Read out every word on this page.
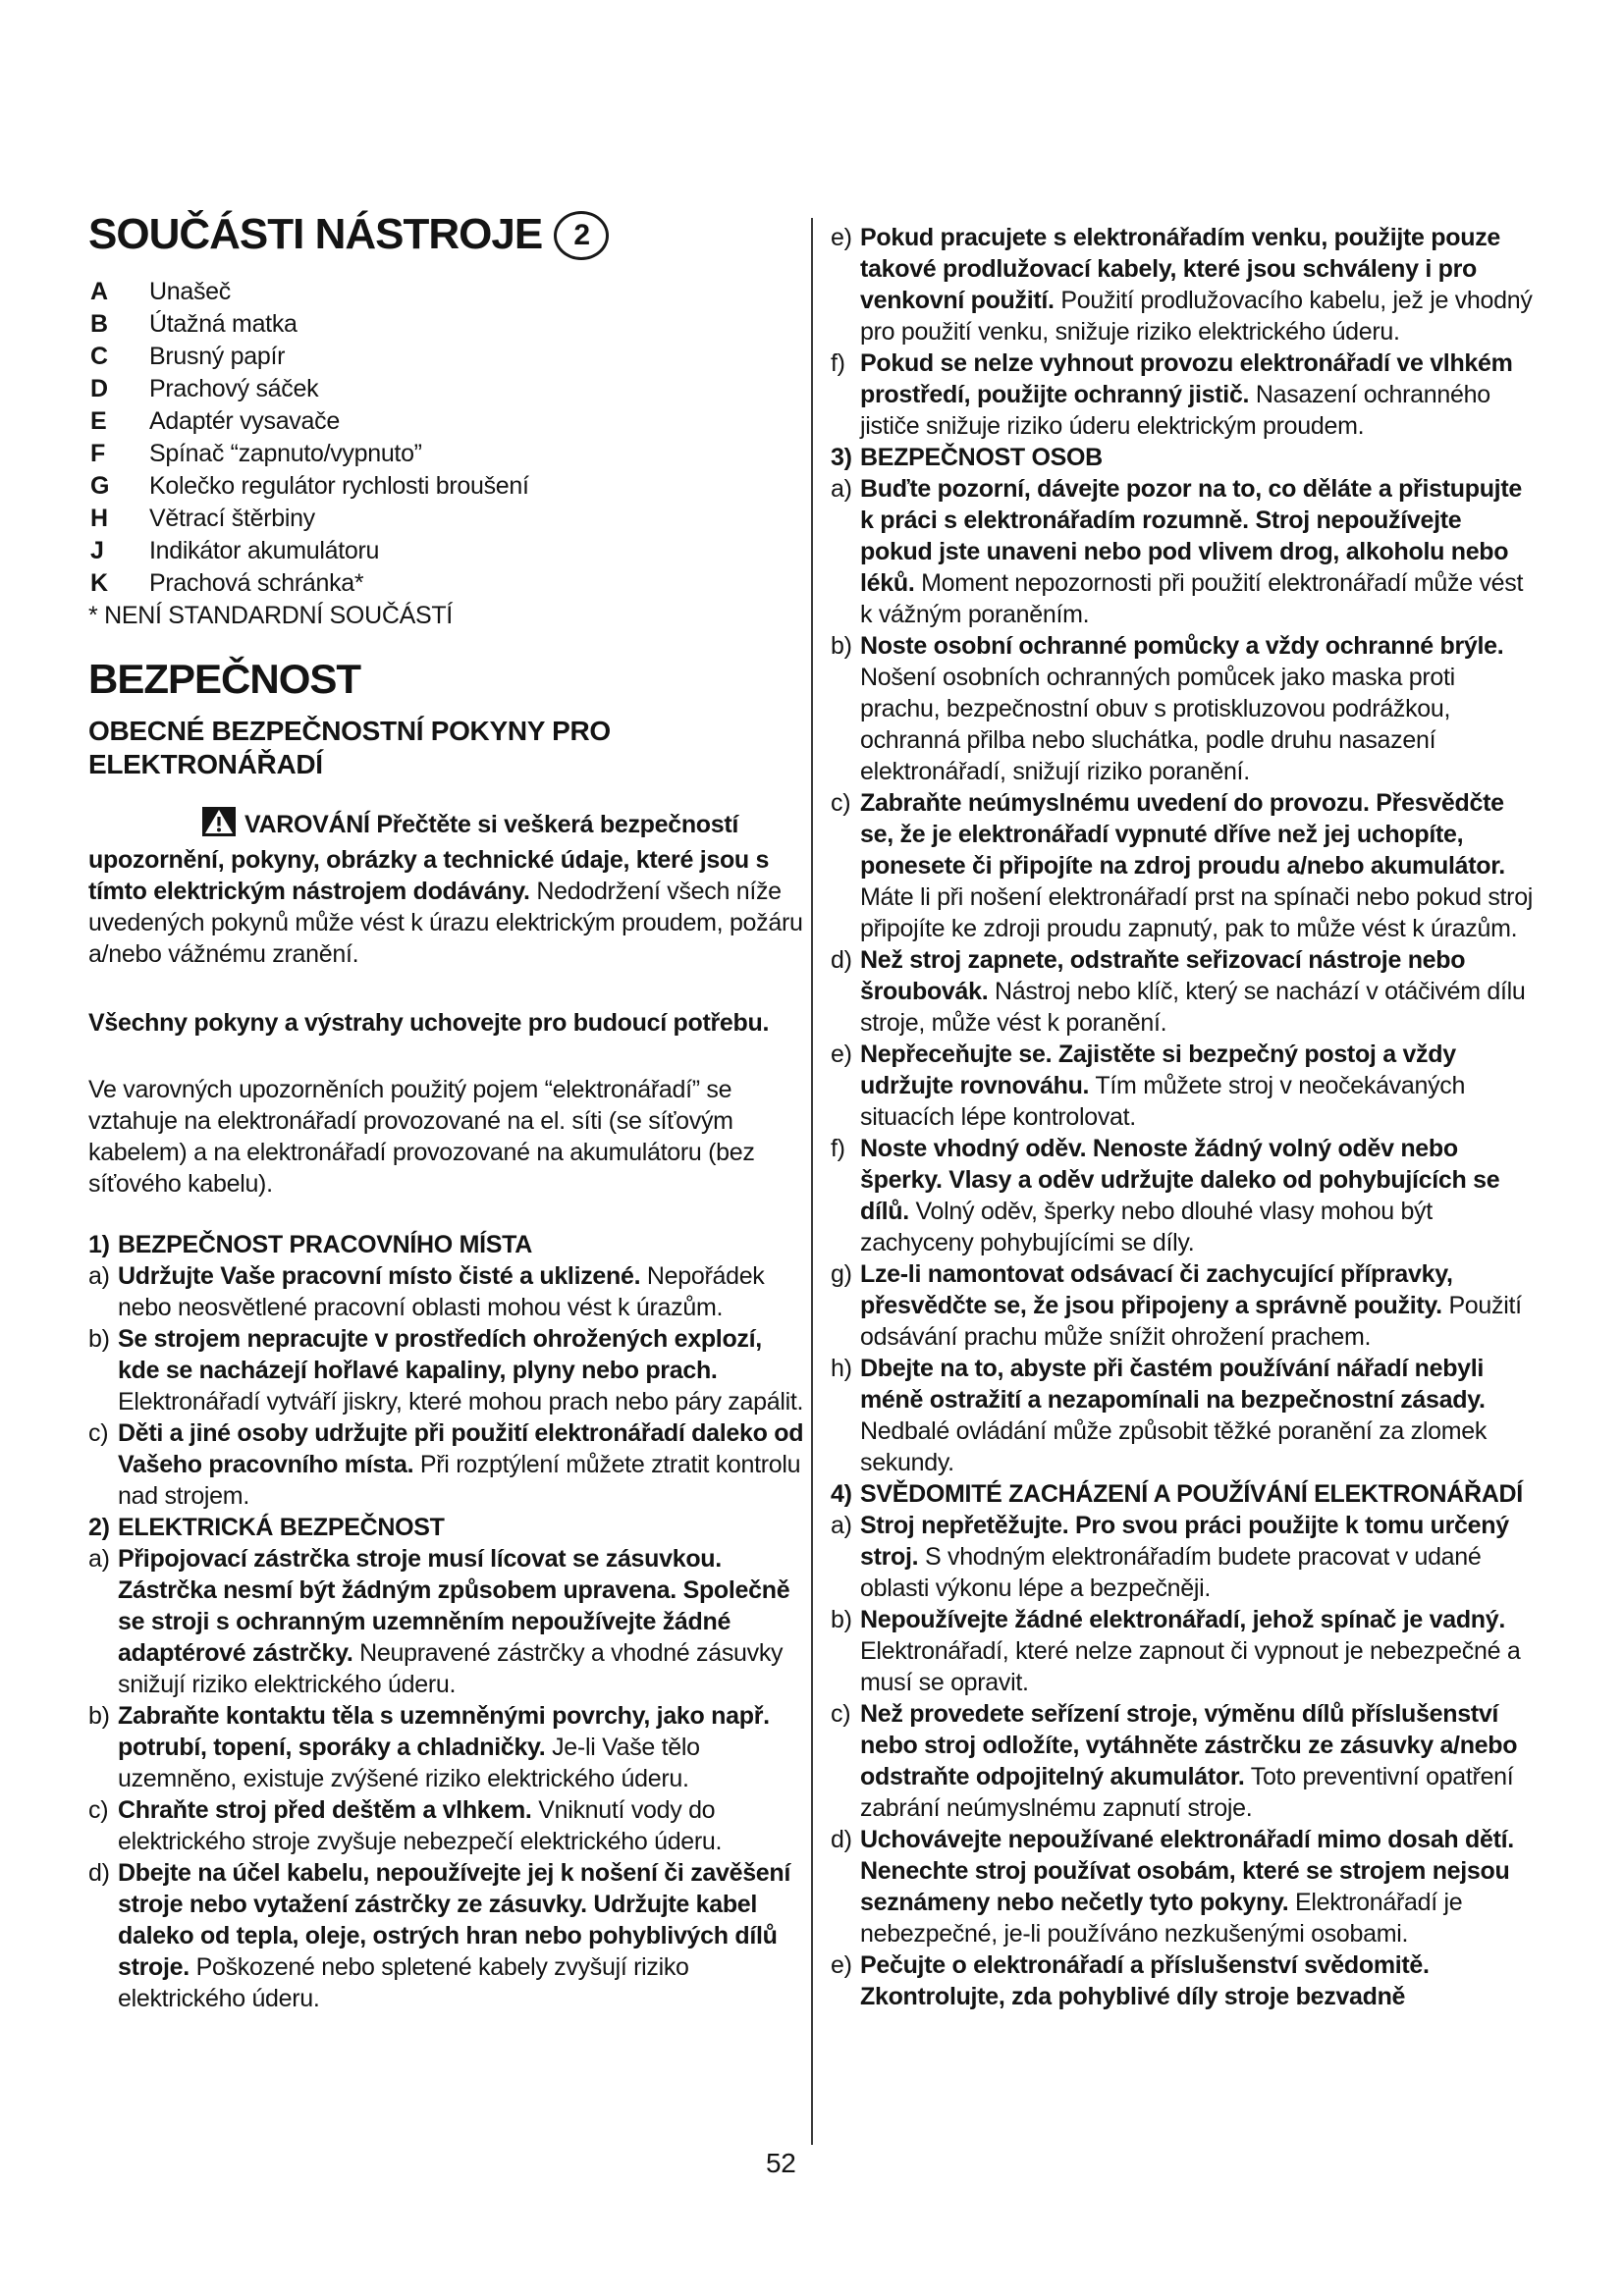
SOUČÁSTI NÁSTROJE 2
A Unašeč
B Útažná matka
C Brusný papír
D Prachový sáček
E Adaptér vysavače
F Spínač “zapnuto/vypnuto”
G Kolečko regulátor rychlosti broušení
H Větrací štěrbiny
J Indikátor akumulátoru
K Prachová schránka*
* NENÍ STANDARDNÍ SOUČÁSTÍ
BEZPEČNOST
OBECNÉ BEZPEČNOSTNÍ POKYNY PRO ELEKTRONÁŘADÍ
VAROVÁNÍ Přečtěte si veškerá bezpečností upozornění, pokyny, obrázky a technické údaje, které jsou s tímto elektrickým nástrojem dodávány. Nedodržení všech níže uvedených pokynů může vést k úrazu elektrickým proudem, požáru a/nebo vážnému zranění.
Všechny pokyny a výstrahy uchovejte pro budoucí potřebu.
Ve varovných upozorněních použitý pojem “elektronářadí” se vztahuje na elektronářadí provozované na el. síti (se síťovým kabelem) a na elektronářadí provozované na akumulátoru (bez síťového kabelu).
1) BEZPEČNOST PRACOVNÍHO MÍSTA
a) Udržujte Vaše pracovní místo čisté a uklizené. Nepořádek nebo neosvětlené pracovní oblasti mohou vést k úrazům.
b) Se strojem nepracujte v prostředích ohrožených explozí, kde se nacházejí hořlavé kapaliny, plyny nebo prach. Elektronářadí vytváří jiskry, které mohou prach nebo páry zapálit.
c) Děti a jiné osoby udržujte při použití elektronářadí daleko od Vašeho pracovního místa. Při rozptýlení můžete ztratit kontrolu nad strojem.
2) ELEKTRICKÁ BEZPEČNOST
a) Připojovací zástrčka stroje musí lícovat se zásuvkou. Zástrčka nesmí být žádným způsobem upravena. Společně se stroji s ochranným uzemněním nepoužívejte žádné adaptérové zástrčky. Neupravené zástrčky a vhodné zásuvky snižují riziko elektrického úderu.
b) Zabraňte kontaktu těla s uzemněnými povrchy, jako např. potrubí, topení, sporáky a chladničky. Je-li Vaše tělo uzemněno, existuje zvýšené riziko elektrického úderu.
c) Chraňte stroj před deštěm a vlhkem. Vniknutí vody do elektrického stroje zvyšuje nebezpečí elektrického úderu.
d) Dbejte na účel kabelu, nepoužívejte jej k nošení či zavěšení stroje nebo vytažení zástrčky ze zásuvky. Udržujte kabel daleko od tepla, oleje, ostrých hran nebo pohyblivých dílů stroje. Poškozené nebo spletené kabely zvyšují riziko elektrického úderu.
e) Pokud pracujete s elektronářadím venku, použijte pouze takové prodlužovací kabely, které jsou schváleny i pro venkovní použití. Použití prodlužovacího kabelu, jež je vhodný pro použití venku, snižuje riziko elektrického úderu.
f) Pokud se nelze vyhnout provozu elektronářadí ve vlhkém prostředí, použijte ochranný jistič. Nasazení ochranného jističe snižuje riziko úderu elektrickým proudem.
3) BEZPEČNOST OSOB
a) Buďte pozorní, dávejte pozor na to, co děláte a přistupujte k práci s elektronářadím rozumně. Stroj nepoužívejte pokud jste unaveni nebo pod vlivem drog, alkoholu nebo léků. Moment nepozornosti při použití elektronářadí může vést k vážným poraněním.
b) Noste osobní ochranné pomůcky a vždy ochranné brýle. Nošení osobních ochranných pomůcek jako maska proti prachu, bezpečnostní obuv s protiskluzovou podrážkou, ochranná přilba nebo sluchátka, podle druhu nasazení elektronářadí, snižují riziko poranění.
c) Zabraňte neúmyslnému uvedení do provozu. Přesvědčte se, že je elektronářadí vypnuté dříve než jej uchopíte, ponesete či připojíte na zdroj proudu a/nebo akumulátor. Máte li při nošení elektronářadí prst na spínači nebo pokud stroj připojíte ke zdroji proudu zapnutý, pak to může vést k úrazům.
d) Než stroj zapnete, odstraňte seřizovací nástroje nebo šroubovák. Nástroj nebo klíč, který se nachází v otáčivém dílu stroje, může vést k poranění.
e) Nepřeceňujte se. Zajistěte si bezpečný postoj a vždy udržujte rovnováhu. Tím můžete stroj v neočekávaných situacích lépe kontrolovat.
f) Noste vhodný oděv. Nenoste žádný volný oděv nebo šperky. Vlasy a oděv udržujte daleko od pohybujících se dílů. Volný oděv, šperky nebo dlouhé vlasy mohou být zachyceny pohybujícími se díly.
g) Lze-li namontovat odsávací či zachycující přípravky, přesvědčte se, že jsou připojeny a správně použity. Použití odsávání prachu může snížit ohrožení prachem.
h) Dbejte na to, abyste při častém používání nářadí nebyli méně ostražití a nezapomínali na bezpečnostní zásady. Nedbalé ovládání může způsobit těžké poranění za zlomek sekundy.
4) SVĚDOMITÉ ZACHÁZENÍ A POUŽÍVÁNÍ ELEKTRONÁŘADÍ
a) Stroj nepřetěžujte. Pro svou práci použijte k tomu určený stroj. S vhodným elektronářadím budete pracovat v udané oblasti výkonu lépe a bezpečněji.
b) Nepoužívejte žádné elektronářadí, jehož spínač je vadný. Elektronářadí, které nelze zapnout či vypnout je nebezpečné a musí se opravit.
c) Než provedete seřízení stroje, výměnu dílů příslušenství nebo stroj odložíte, vytáhněte zástrčku ze zásuvky a/nebo odstraňte odpojitelný akumulátor. Toto preventivní opatření zabrání neúmyslnému zapnutí stroje.
d) Uchovávejte nepoužívané elektronářadí mimo dosah dětí. Nenechte stroj používat osobám, které se strojem nejsou seznámeny nebo nečetly tyto pokyny. Elektronářadí je nebezpečné, je-li používáno nezkušenými osobami.
e) Pečujte o elektronářadí a příslušenství svědomitě. Zkontrolujte, zda pohyblivé díly stroje bezvadně
52
